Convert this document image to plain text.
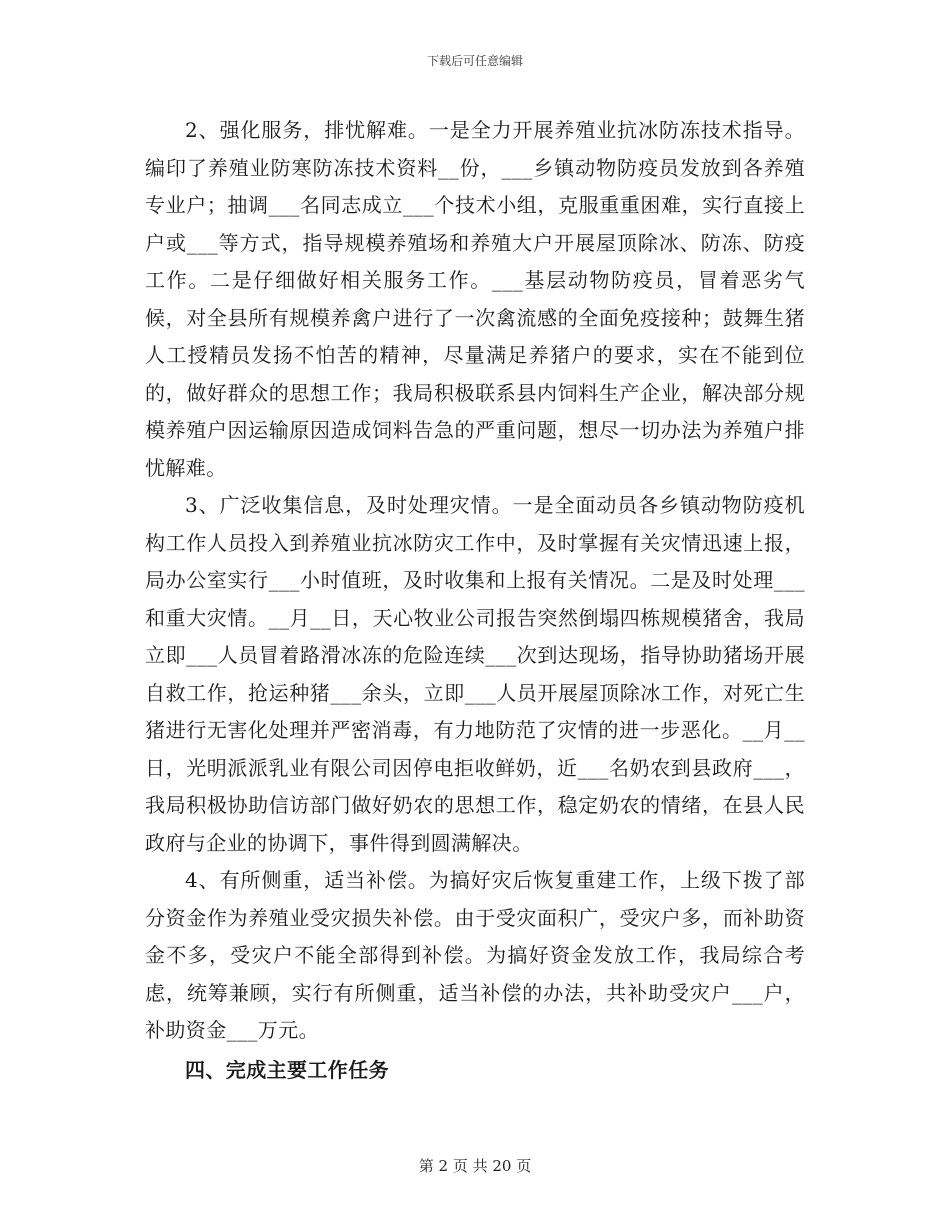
下载后可任意编辑

2、强化服务，排忧解难。一是全力开展养殖业抗冰防冻技术指导。编印了养殖业防寒防冻技术资料__份，___乡镇动物防疫员发放到各养殖专业户；抽调___名同志成立___个技术小组，克服重重困难，实行直接上户或___等方式，指导规模养殖场和养殖大户开展屋顶除冰、防冻、防疫工作。二是仔细做好相关服务工作。___基层动物防疫员，冒着恶劣气候，对全县所有规模养禽户进行了一次禽流感的全面免疫接种；鼓舞生猪人工授精员发扬不怕苦的精神，尽量满足养猪户的要求，实在不能到位的，做好群众的思想工作；我局积极联系县内饲料生产企业，解决部分规模养殖户因运输原因造成饲料告急的严重问题，想尽一切办法为养殖户排忧解难。

3、广泛收集信息，及时处理灾情。一是全面动员各乡镇动物防疫机构工作人员投入到养殖业抗冰防灾工作中，及时掌握有关灾情迅速上报，局办公室实行___小时值班，及时收集和上报有关情况。二是及时处理___和重大灾情。__月__日，天心牧业公司报告突然倒塌四栋规模猪舍，我局立即___人员冒着路滑冰冻的危险连续___次到达现场，指导协助猪场开展自救工作，抢运种猪___余头，立即___人员开展屋顶除冰工作，对死亡生猪进行无害化处理并严密消毒，有力地防范了灾情的进一步恶化。__月__日，光明派派乳业有限公司因停电拒收鲜奶，近___名奶农到县政府___，我局积极协助信访部门做好奶农的思想工作，稳定奶农的情绪，在县人民政府与企业的协调下，事件得到圆满解决。

4、有所侧重，适当补偿。为搞好灾后恢复重建工作，上级下拨了部分资金作为养殖业受灾损失补偿。由于受灾面积广，受灾户多，而补助资金不多，受灾户不能全部得到补偿。为搞好资金发放工作，我局综合考虑，统筹兼顾，实行有所侧重，适当补偿的办法，共补助受灾户___户，补助资金___万元。

四、完成主要工作任务

第 2 页 共 20 页
